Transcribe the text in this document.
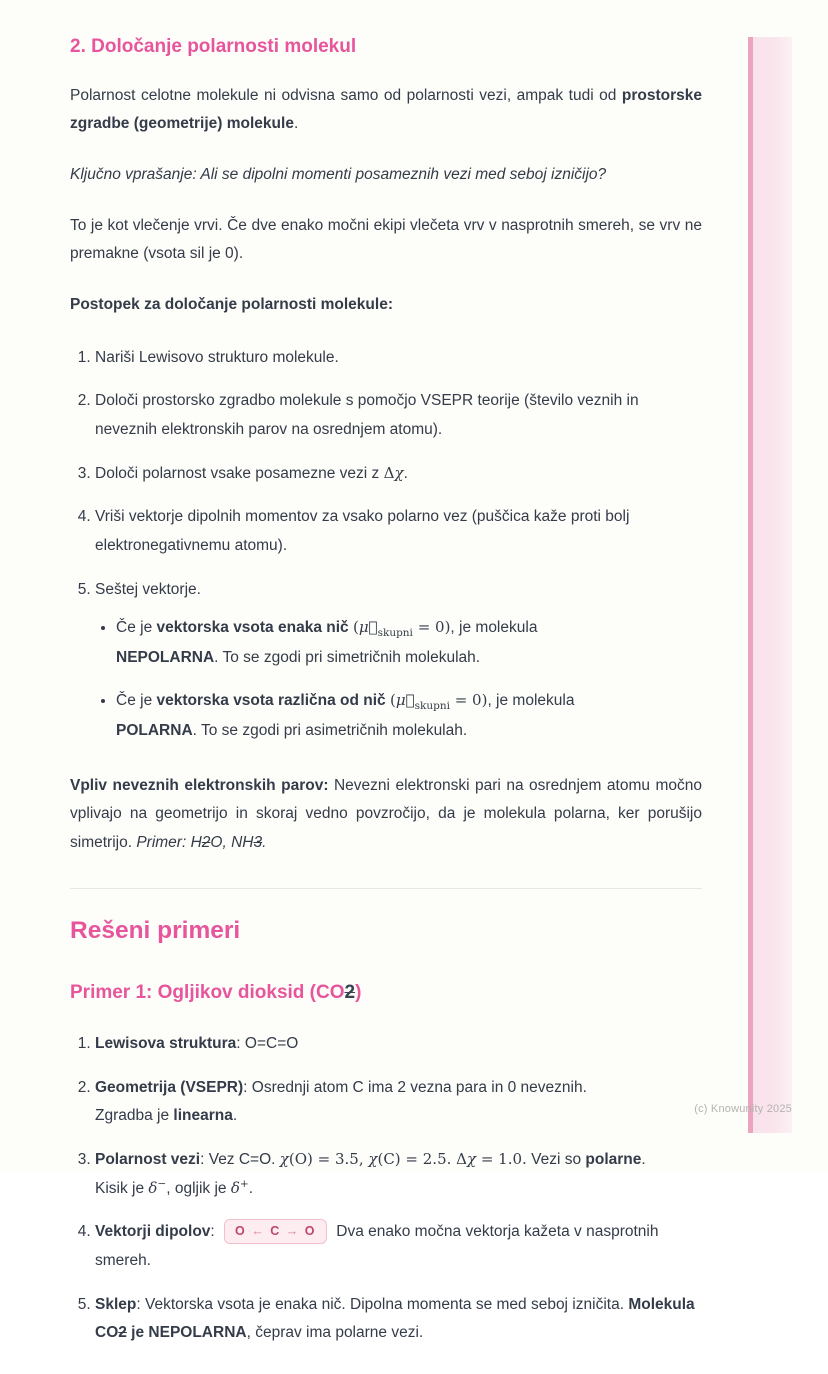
(c) Knowunity 2025
2. Določanje polarnosti molekul

Polarnost celotne molekule ni odvisna samo od polarnosti vezi, ampak tudi od prostorske zgradbe (geometrije) molekule.

Ključno vprašanje: Ali se dipolni momenti posameznih vezi med seboj izničijo?

To je kot vlečenje vrvi. Če dve enako močni ekipi vlečeta vrv v nasprotnih smereh, se vrv ne premakne (vsota sil je 0).

Postopek za določanje polarnosti molekule:

1. Nariši Lewisovo strukturo molekule.
2. Določi prostorsko zgradbo molekule s pomočjo VSEPR teorije (število veznih in neveznih elektronskih parov na osrednjem atomu).
3. Določi polarnost vsake posamezne vezi z Δχ.
4. Vriši vektorje dipolnih momentov za vsako polarno vez (puščica kaže proti bolj elektronegativnemu atomu).
5. Seštej vektorje.
• Če je vektorska vsota enaka nič $(\mu⃗_{skupni} = 0)$, je molekula
NEPOLARNA. To se zgodi pri simetričnih molekulah.
• Če je vektorska vsota različna od nič $(\mu⃗_{skupni} = 0)$, je molekula
POLARNA. To se zgodi pri asimetričnih molekulah.

Vpliv neveznih elektronskih parov: Nevezni elektronski pari na osrednjem atomu močno vplivajo na geometrijo in skoraj vedno povzročijo, da je molekula polarna, ker porušijo simetrijo. Primer: H2O, NH3.

Rešeni primeri
Primer 1: Ogljikov dioksid (CO2)
1. Lewisova struktura: O=C=O
2. Geometrija (VSEPR): Osrednji atom C ima 2 vezna para in 0 neveznih.
Zgradba je linearna.
3. Polarnost vezi: Vez C=O. χ(O) = 3.5, χ(C) = 2.5. Δχ = 1.0. Vezi so polarne.
Kisik je δ−, ogljik je δ+.
4. Vektorji dipolov: O ← C → O Dva enako močna vektorja kažeta v nasprotnih smereh.
5. Sklep: Vektorska vsota je enaka nič. Dipolna momenta se med seboj izničita. Molekula CO2 je NEPOLARNA, čeprav ima polarne vezi.
